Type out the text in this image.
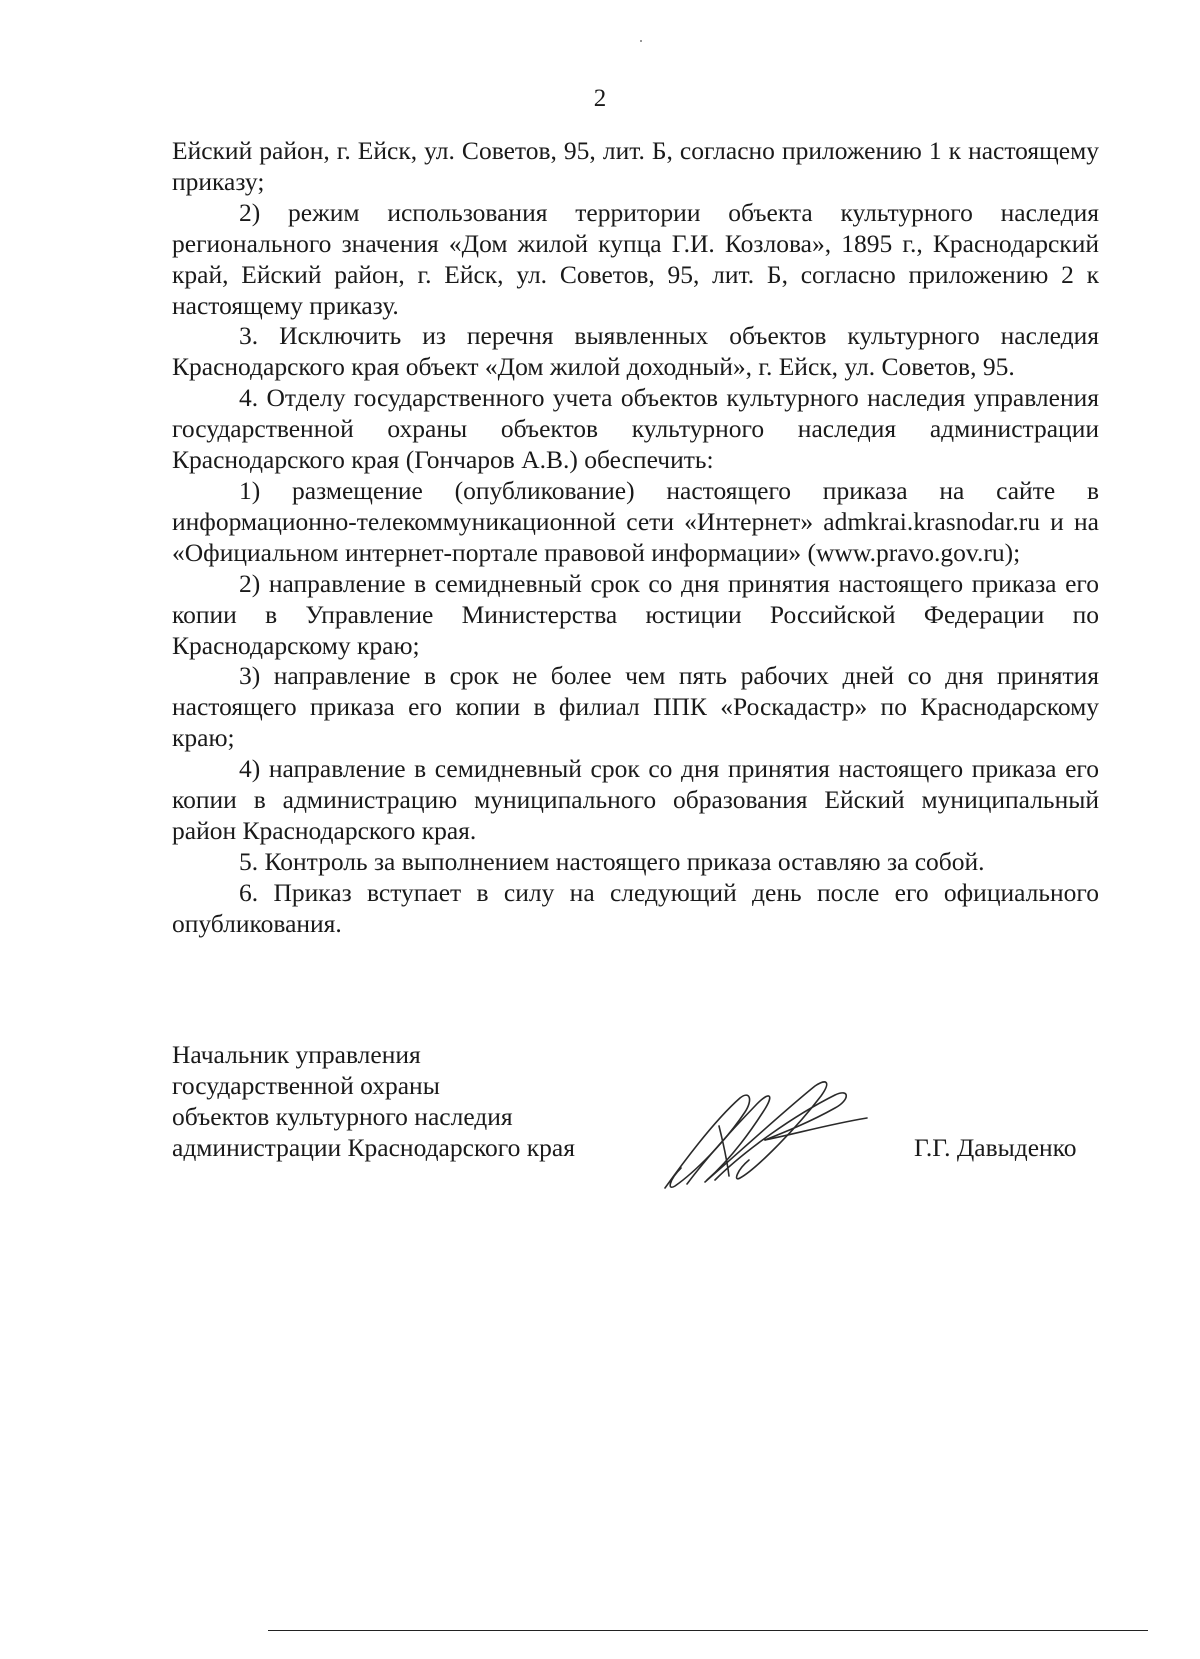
2

Ейский район, г. Ейск, ул. Советов, 95, лит. Б, согласно приложению 1 к настоящему приказу;

2) режим использования территории объекта культурного наследия регионального значения «Дом жилой купца Г.И. Козлова», 1895 г., Краснодарский край, Ейский район, г. Ейск, ул. Советов, 95, лит. Б, согласно приложению 2 к настоящему приказу.

3. Исключить из перечня выявленных объектов культурного наследия Краснодарского края объект «Дом жилой доходный», г. Ейск, ул. Советов, 95.

4. Отделу государственного учета объектов культурного наследия управления государственной охраны объектов культурного наследия администрации Краснодарского края (Гончаров А.В.) обеспечить:

1) размещение (опубликование) настоящего приказа на сайте в информационно-телекоммуникационной сети «Интернет» admkrai.krasnodar.ru и на «Официальном интернет-портале правовой информации» (www.pravo.gov.ru);

2) направление в семидневный срок со дня принятия настоящего приказа его копии в Управление Министерства юстиции Российской Федерации по Краснодарскому краю;

3) направление в срок не более чем пять рабочих дней со дня принятия настоящего приказа его копии в филиал ППК «Роскадастр» по Краснодарскому краю;

4) направление в семидневный срок со дня принятия настоящего приказа его копии в администрацию муниципального образования Ейский муниципальный район Краснодарского края.

5. Контроль за выполнением настоящего приказа оставляю за собой.

6. Приказ вступает в силу на следующий день после его официального опубликования.

Начальник управления
государственной охраны
объектов культурного наследия
администрации Краснодарского края	Г.Г. Давыденко
